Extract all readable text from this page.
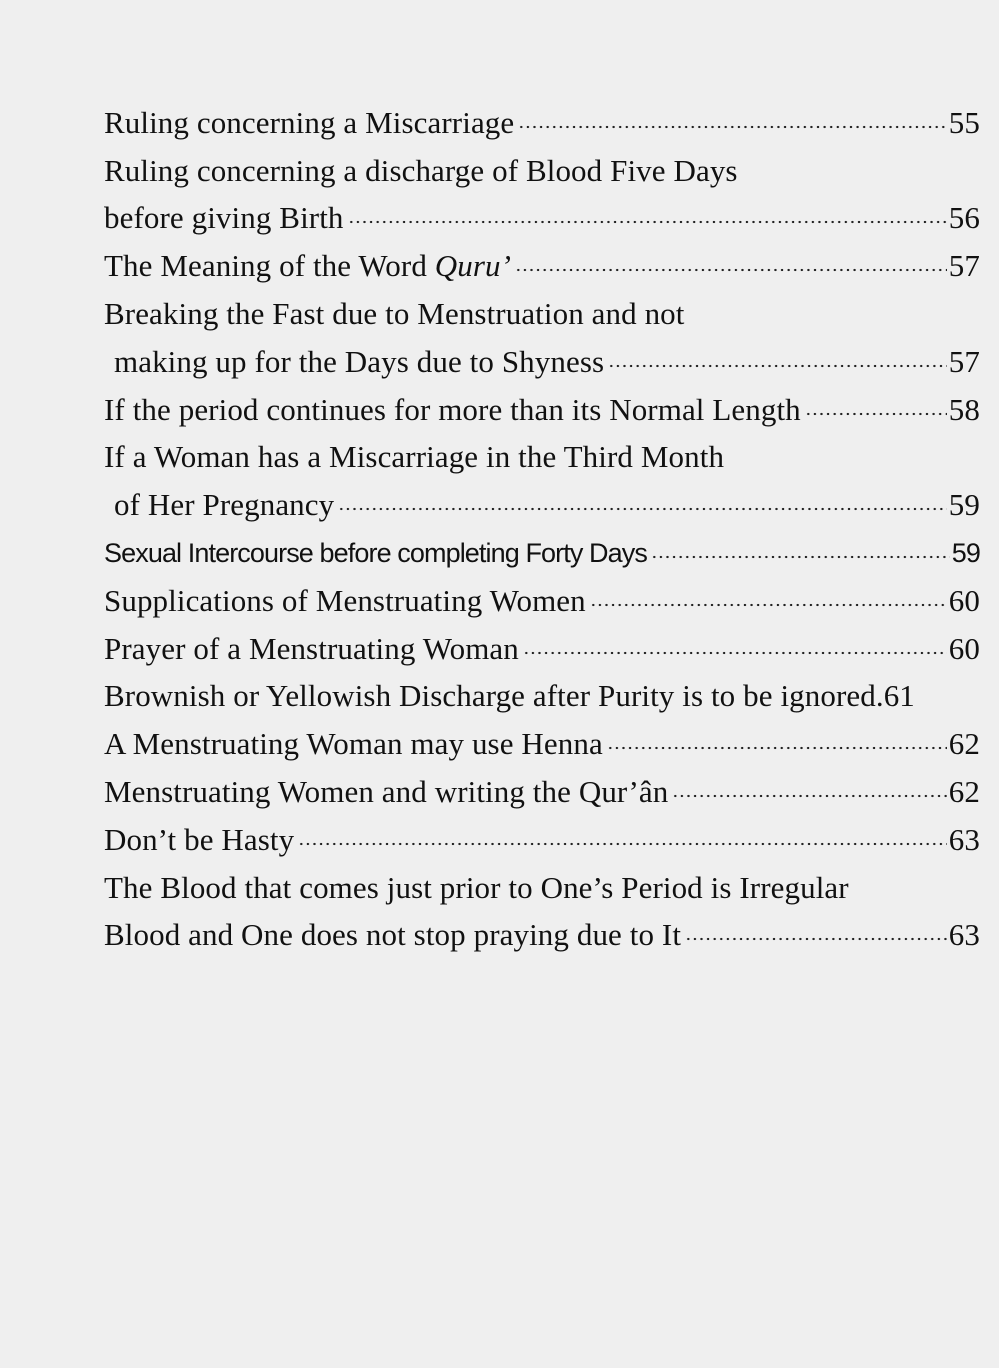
Ruling concerning a Miscarriage	55
Ruling concerning a discharge of Blood Five Days
before giving Birth	56
The Meaning of the Word Quru’	57
Breaking the Fast due to Menstruation and not
making up for the Days due to Shyness	57
If the period continues for more than its Normal Length	58
If a Woman has a Miscarriage in the Third Month
of Her Pregnancy	59
Sexual Intercourse before completing Forty Days	59
Supplications of Menstruating Women	60
Prayer of a Menstruating Woman	60
Brownish or Yellowish Discharge after Purity is to be ignored. 61
A Menstruating Woman may use Henna	62
Menstruating Women and writing the Qur’ân	62
Don’t be Hasty	63
The Blood that comes just prior to One’s Period is Irregular
Blood and One does not stop praying due to It	63
